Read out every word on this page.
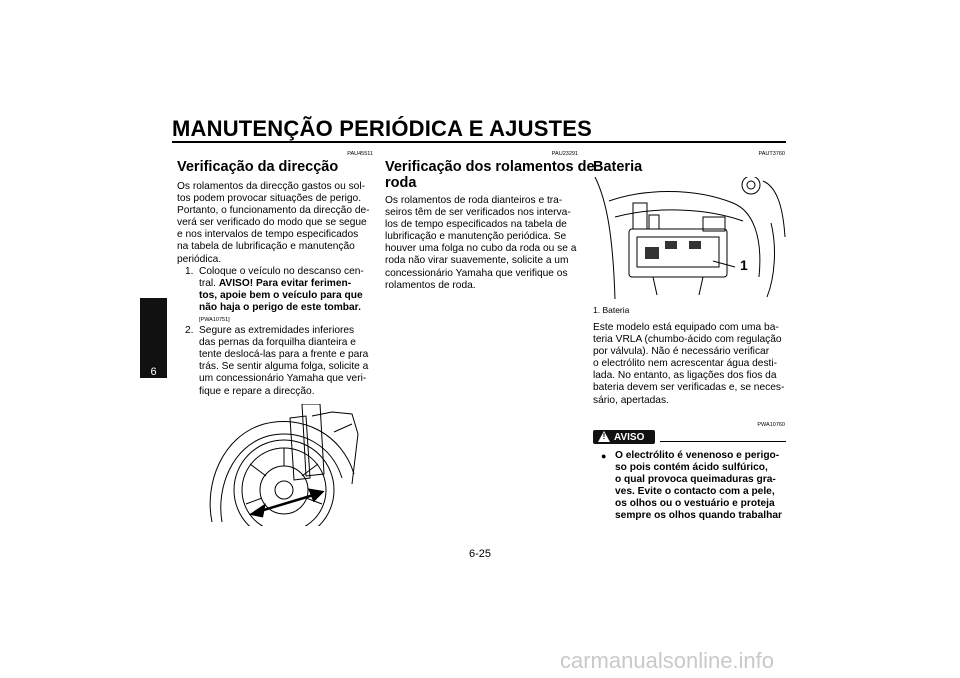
MANUTENÇÃO PERIÓDICA E AJUSTES
6
PAU45511
Verificação da direcção

Os rolamentos da direcção gastos ou sol-

tos podem provocar situações de perigo.

Portanto, o funcionamento da direcção de-

verá ser verificado do modo que se segue

e nos intervalos de tempo especificados

na tabela de lubrificação e manutenção

periódica.

1. Coloque o veículo no descanso cen-

tral. AVISO! Para evitar ferimen-

tos, apoie bem o veículo para que

não haja o perigo de este tombar.

[PWA10751]

2. Segure as extremidades inferiores

das pernas da forquilha dianteira e

tente deslocá-las para a frente e para

trás. Se sentir alguma folga, solicite a

um concessionário Yamaha que veri-

fique e repare a direcção.

PAU23291
Verificação dos rolamentos de
roda

Os rolamentos de roda dianteiros e tra-

seiros têm de ser verificados nos interva-

los de tempo especificados na tabela de

lubrificação e manutenção periódica. Se

houver uma folga no cubo da roda ou se a

roda não virar suavemente, solicite a um

concessionário Yamaha que verifique os

rolamentos de roda.

PAUT3760
Bateria
1
1. Bateria

Este modelo está equipado com uma ba-

teria VRLA (chumbo-ácido com regulação

por válvula). Não é necessário verificar

o electrólito nem acrescentar água desti-

lada. No entanto, as ligações dos fios da

bateria devem ser verificadas e, se neces-

sário, apertadas.

PWA10760
! AVISO
● O electrólito é venenoso e perigo-

so pois contém ácido sulfúrico,

o qual provoca queimaduras gra-

ves. Evite o contacto com a pele,

os olhos ou o vestuário e proteja

sempre os olhos quando trabalhar

6-25
carmanualsonline.info
